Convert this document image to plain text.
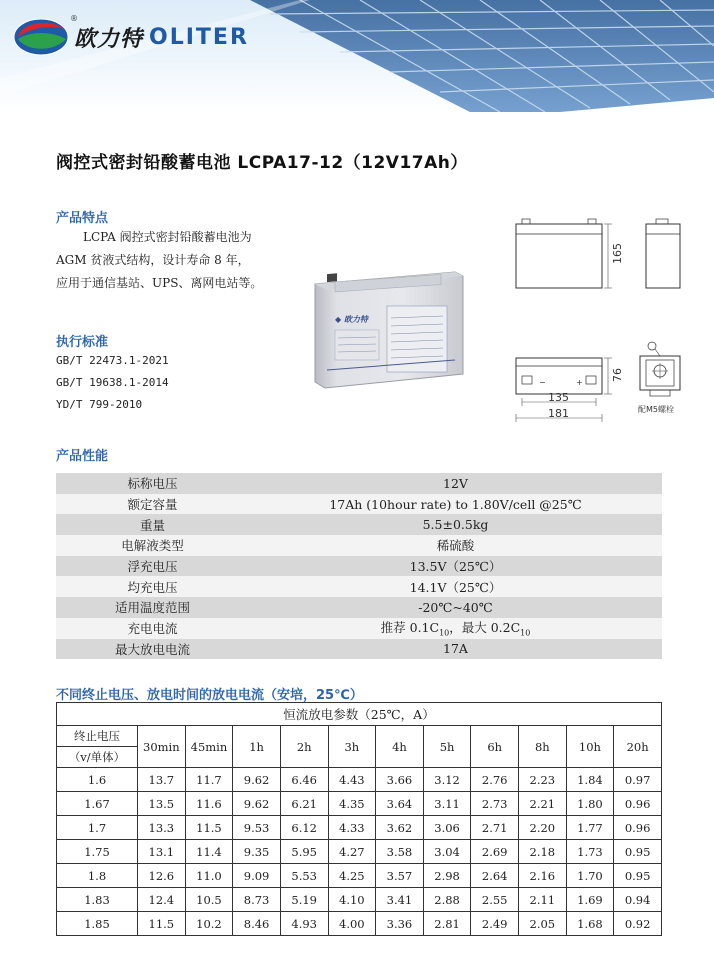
欧力特 OLITER
®
阀控式密封铅酸蓄电池 LCPA17-12（12V17Ah）
产品特点
LCPA 阀控式密封铅酸蓄电池为
AGM 贫液式结构，设计寿命 8 年，
应用于通信基站、UPS、离网电站等。
执行标准
GB/T 22473.1-2021
GB/T 19638.1-2014
YD/T 799-2010
◆ 欧力特
165
−	+
76
135
181	配M5螺栓
产品性能
标称电压	12V
额定容量	17Ah (10hour rate) to 1.80V/cell @25℃
重量	5.5±0.5kg
电解液类型	稀硫酸
浮充电压	13.5V（25℃）
均充电压	14.1V（25℃）
适用温度范围	-20℃~40℃
充电电流	推荐 $0.1C_{10}$，最大 $0.2C_{10}$
最大放电电流	17A
不同终止电压、放电时间的放电电流（安培，25℃）
恒流放电参数（25℃，A）											
终止电压	30min	45min	1h	2h	3h	4h	5h	6h	8h	10h	20h
（v/单体）											
1.6	13.7	11.7	9.62	6.46	4.43	3.66	3.12	2.76	2.23	1.84	0.97
1.67	13.5	11.6	9.62	6.21	4.35	3.64	3.11	2.73	2.21	1.80	0.96
1.7	13.3	11.5	9.53	6.12	4.33	3.62	3.06	2.71	2.20	1.77	0.96
1.75	13.1	11.4	9.35	5.95	4.27	3.58	3.04	2.69	2.18	1.73	0.95
1.8	12.6	11.0	9.09	5.53	4.25	3.57	2.98	2.64	2.16	1.70	0.95
1.83	12.4	10.5	8.73	5.19	4.10	3.41	2.88	2.55	2.11	1.69	0.94
1.85	11.5	10.2	8.46	4.93	4.00	3.36	2.81	2.49	2.05	1.68	0.92
